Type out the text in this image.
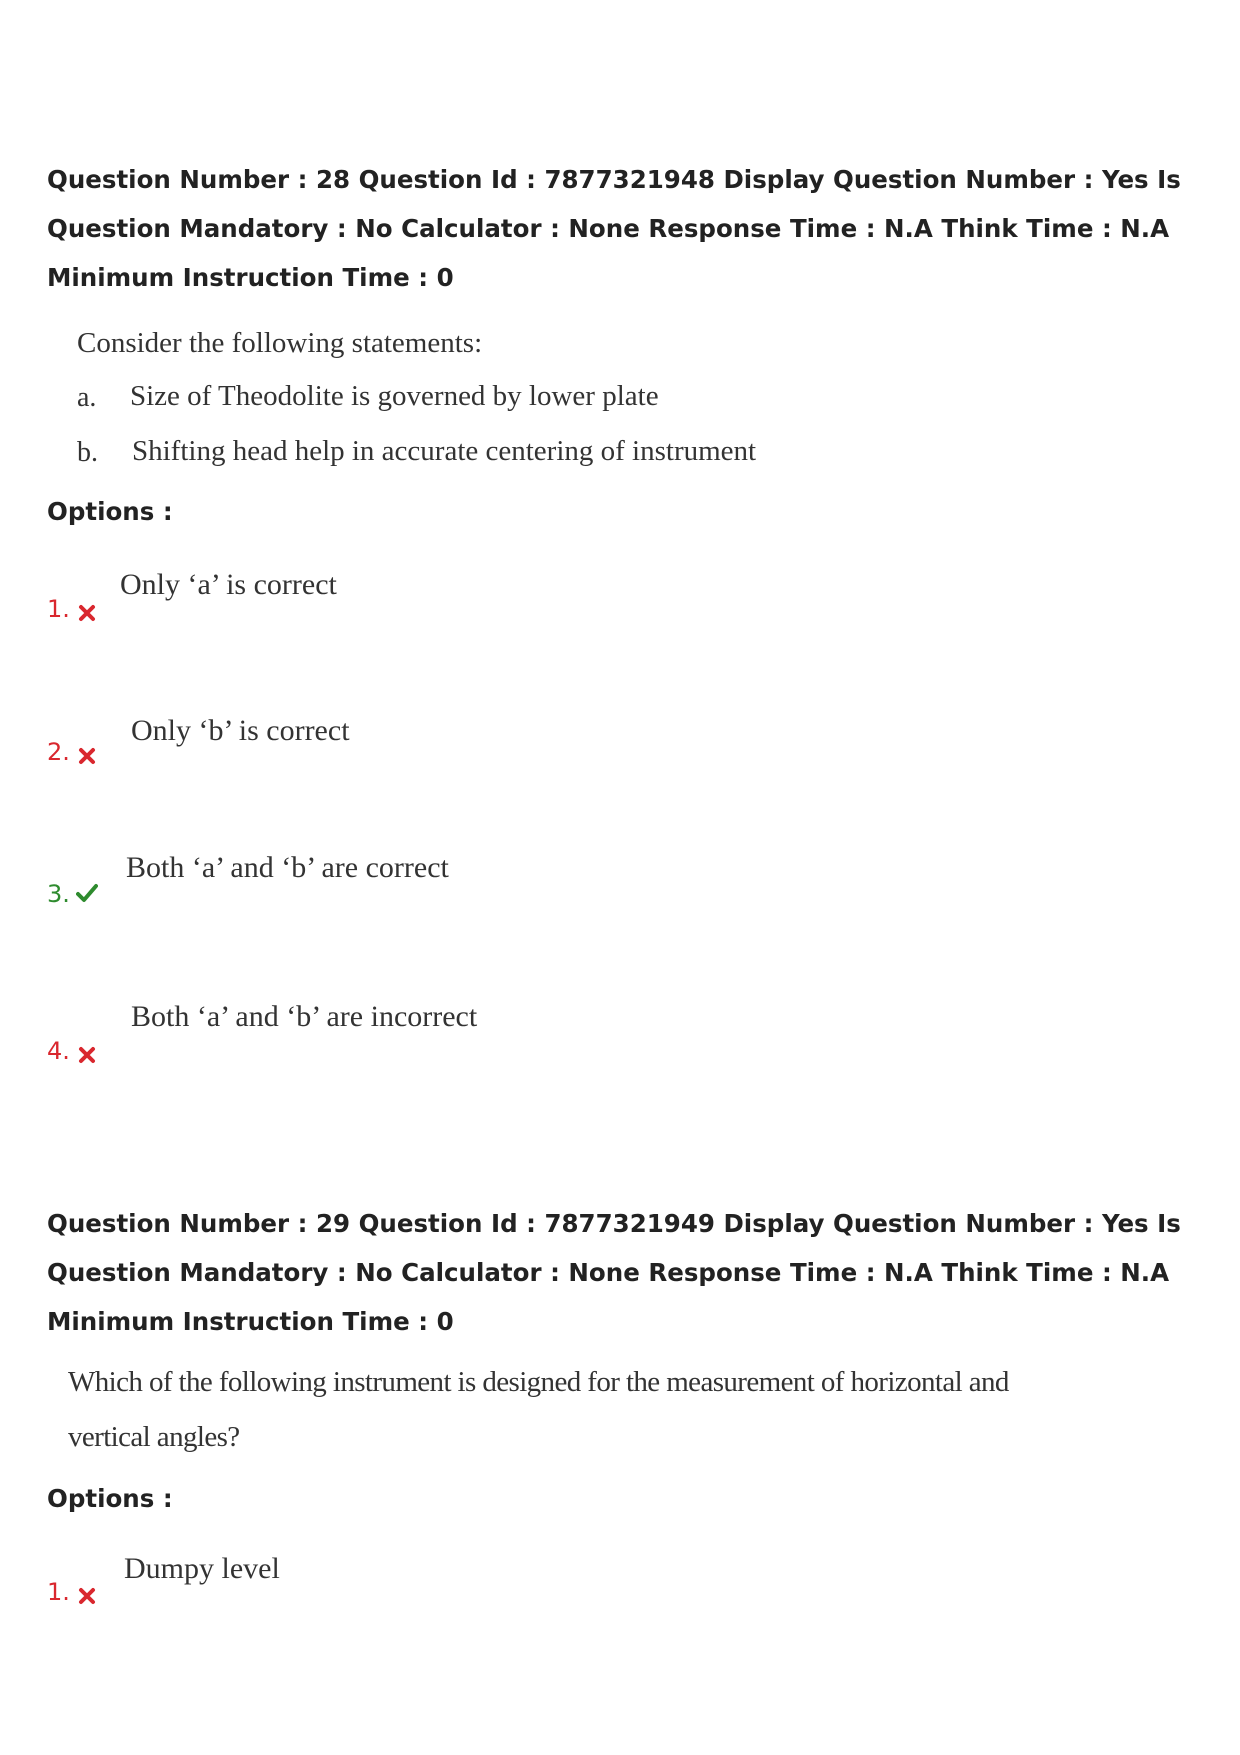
Question Number : 28 Question Id : 7877321948 Display Question Number : Yes Is Question Mandatory : No Calculator : None Response Time : N.A Think Time : N.A Minimum Instruction Time : 0
Consider the following statements:
a. Size of Theodolite is governed by lower plate
b. Shifting head help in accurate centering of instrument
Options :
1.
Only ‘a’ is correct
2.
Only ‘b’ is correct
3.
Both ‘a’ and ‘b’ are correct
4.
Both ‘a’ and ‘b’ are incorrect
Question Number : 29 Question Id : 7877321949 Display Question Number : Yes Is Question Mandatory : No Calculator : None Response Time : N.A Think Time : N.A Minimum Instruction Time : 0
Which of the following instrument is designed for the measurement of horizontal and
vertical angles?
Options :
1.
Dumpy level
